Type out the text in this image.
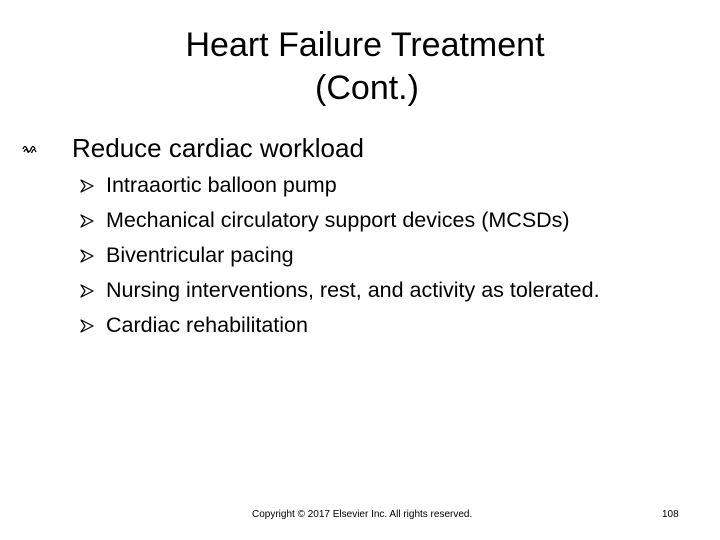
Heart Failure Treatment
(Cont.)
Reduce cardiac workload
Intraaortic balloon pump
Mechanical circulatory support devices (MCSDs)
Biventricular pacing
Nursing interventions, rest, and activity as tolerated.
Cardiac rehabilitation
Copyright © 2017 Elsevier Inc. All rights reserved.	108
